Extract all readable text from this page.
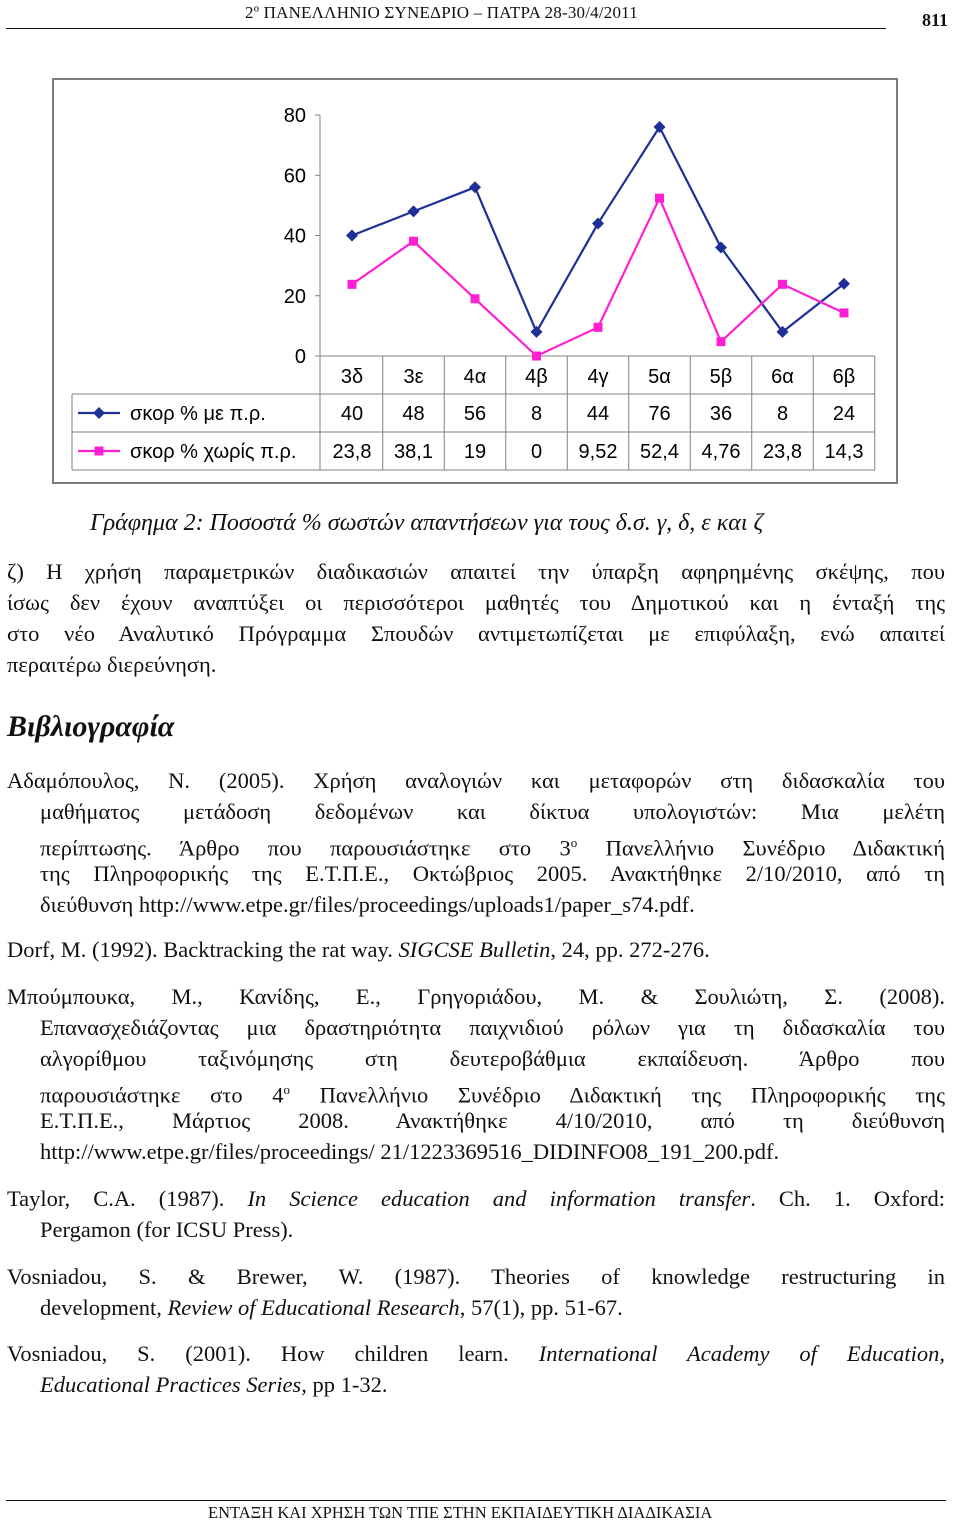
2º ΠΑΝΕΛΛΗΝΙΟ ΣΥΝΕΔΡΙΟ – ΠΑΤΡΑ 28-30/4/2011	811
0
20
40
60
80
3δ 3ε 4α 4β 4γ 5α 5β 6α 6β
σκορ % με π.ρ.	40 48 56 8 44 76 36 8 24
σκορ % χωρίς π.ρ. 23,8 38,1 19 0 9,52 52,4 4,76 23,8 14,3
Γράφημα 2: Ποσοστά % σωστών απαντήσεων για τους δ.σ. γ, δ, ε και ζ
ζ) Η χρήση παραμετρικών διαδικασιών απαιτεί την ύπαρξη αφηρημένης σκέψης, που
ίσως δεν έχουν αναπτύξει οι περισσότεροι μαθητές του Δημοτικού και η ένταξή της
στο νέο Αναλυτικό Πρόγραμμα Σπουδών αντιμετωπίζεται με επιφύλαξη, ενώ απαιτεί
περαιτέρω διερεύνηση.
Βιβλιογραφία
Αδαμόπουλος, Ν. (2005). Χρήση αναλογιών και μεταφορών στη διδασκαλία του
μαθήματος μετάδοση δεδομένων και δίκτυα υπολογιστών: Μια μελέτη
περίπτωσης. Άρθρο που παρουσιάστηκε στο $3^o$ Πανελλήνιο Συνέδριο Διδακτική
της Πληροφορικής της Ε.Τ.Π.Ε., Οκτώβριος 2005. Ανακτήθηκε 2/10/2010, από τη
διεύθυνση http://www.etpe.gr/files/proceedings/uploads1/paper_s74.pdf.
Dorf, M. (1992). Backtracking the rat way. SIGCSE Bulletin, 24, pp. 272-276.
Μπούμπουκα, Μ., Κανίδης, Ε., Γρηγοριάδου, Μ. & Σουλιώτη, Σ. (2008).
Επανασχεδιάζοντας μια δραστηριότητα παιχνιδιού ρόλων για τη διδασκαλία του
αλγορίθμου ταξινόμησης στη δευτεροβάθμια εκπαίδευση. Άρθρο που
παρουσιάστηκε στο $4^o$ Πανελλήνιο Συνέδριο Διδακτική της Πληροφορικής της
Ε.Τ.Π.Ε., Μάρτιος 2008. Ανακτήθηκε 4/10/2010, από τη διεύθυνση
http://www.etpe.gr/files/proceedings/ 21/1223369516_DIDINFO08_191_200.pdf.
Taylor, C.A. (1987). In Science education and information transfer. Ch. 1. Oxford:
Pergamon (for ICSU Press).
Vosniadou, S. & Brewer, W. (1987). Theories of knowledge restructuring in
development, Review of Educational Research, 57(1), pp. 51-67.
Vosniadou, S. (2001). How children learn. International Academy of Education,
Educational Practices Series, pp 1-32.
ΕΝΤΑΞΗ ΚΑΙ ΧΡΗΣΗ ΤΩΝ ΤΠΕ ΣΤΗΝ ΕΚΠΑΙΔΕΥΤΙΚΗ ΔΙΑΔΙΚΑΣΙΑ
